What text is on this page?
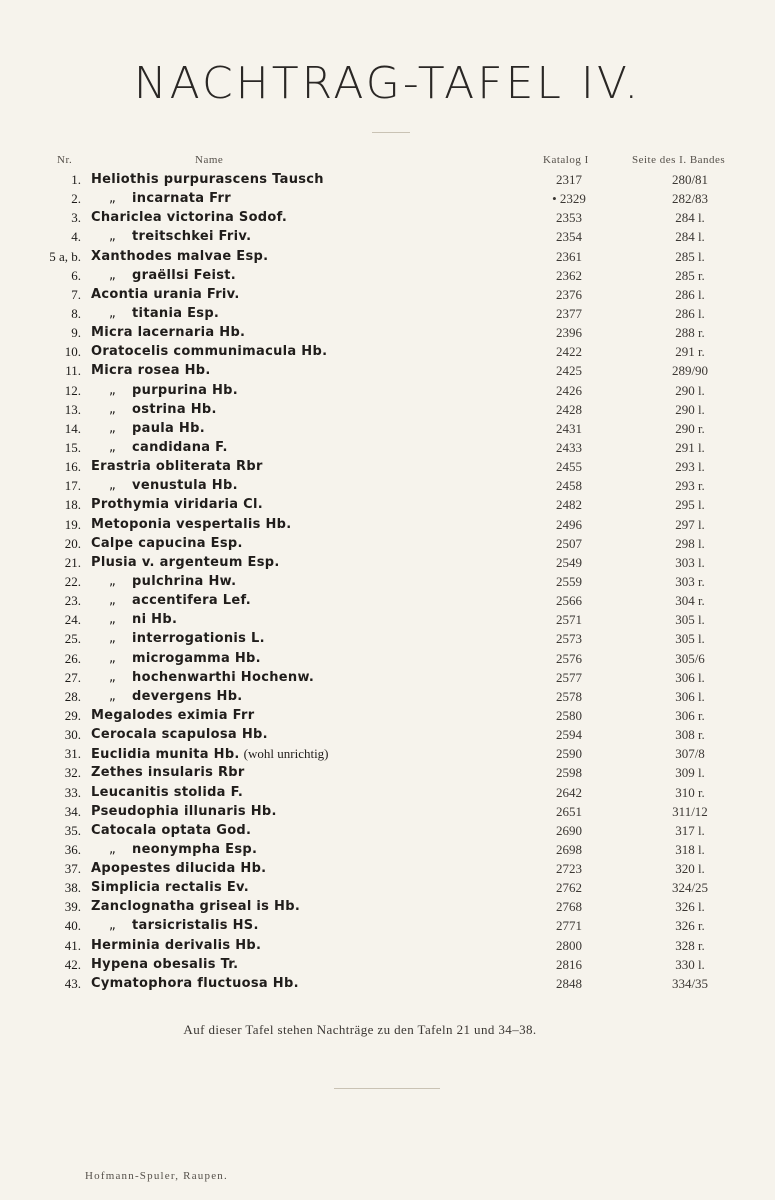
NACHTRAG-TAFEL IV.
Nr.	Name	Katalog I	Seite des I. Bandes
1. Heliothis purpurascens Tausch	2317	280/81
2.	„ incarnata Frr	• 2329	282/83
3. Chariclea victorina Sodof.	2353	284 l.
4.	„ treitschkei Friv.	2354	284 l.
5 a, b. Xanthodes malvae Esp.	2361	285 l.
6.	„ graëllsi Feist.	2362	285 r.
7. Acontia urania Friv.	2376	286 l.
8.	„ titania Esp.	2377	286 l.
9. Micra lacernaria Hb.	2396	288 r.
10. Oratocelis communimacula Hb.	2422	291 r.
11. Micra rosea Hb.	2425	289/90
12.	„ purpurina Hb.	2426	290 l.
13.	„ ostrina Hb.	2428	290 l.
14.	„ paula Hb.	2431	290 r.
15.	„ candidana F.	2433	291 l.
16. Erastria obliterata Rbr	2455	293 l.
17.	„ venustula Hb.	2458	293 r.
18. Prothymia viridaria Cl.	2482	295 l.
19. Metoponia vespertalis Hb.	2496	297 l.
20. Calpe capucina Esp.	2507	298 l.
21. Plusia v. argenteum Esp.	2549	303 l.
22.	„ pulchrina Hw.	2559	303 r.
23.	„ accentifera Lef.	2566	304 r.
24.	„ ni Hb.	2571	305 l.
25.	„ interrogationis L.	2573	305 l.
26.	„ microgamma Hb.	2576	305/6
27.	„ hochenwarthi Hochenw.	2577	306 l.
28.	„ devergens Hb.	2578	306 l.
29. Megalodes eximia Frr	2580	306 r.
30. Cerocala scapulosa Hb.	2594	308 r.
31. Euclidia munita Hb. (wohl unrichtig)	2590	307/8
32. Zethes insularis Rbr	2598	309 l.
33. Leucanitis stolida F.	2642	310 r.
34. Pseudophia illunaris Hb.	2651	311/12
35. Catocala optata God.	2690	317 l.
36.	„ neonympha Esp.	2698	318 l.
37. Apopestes dilucida Hb.	2723	320 l.
38. Simplicia rectalis Ev.	2762	324/25
39. Zanclognatha griseal is Hb.	2768	326 l.
40.	„ tarsicristalis HS.	2771	326 r.
41. Herminia derivalis Hb.	2800	328 r.
42. Hypena obesalis Tr.	2816	330 l.
43. Cymatophora fluctuosa Hb.	2848	334/35
Auf dieser Tafel stehen Nachträge zu den Tafeln 21 und 34–38.
Hofmann-Spuler, Raupen.
